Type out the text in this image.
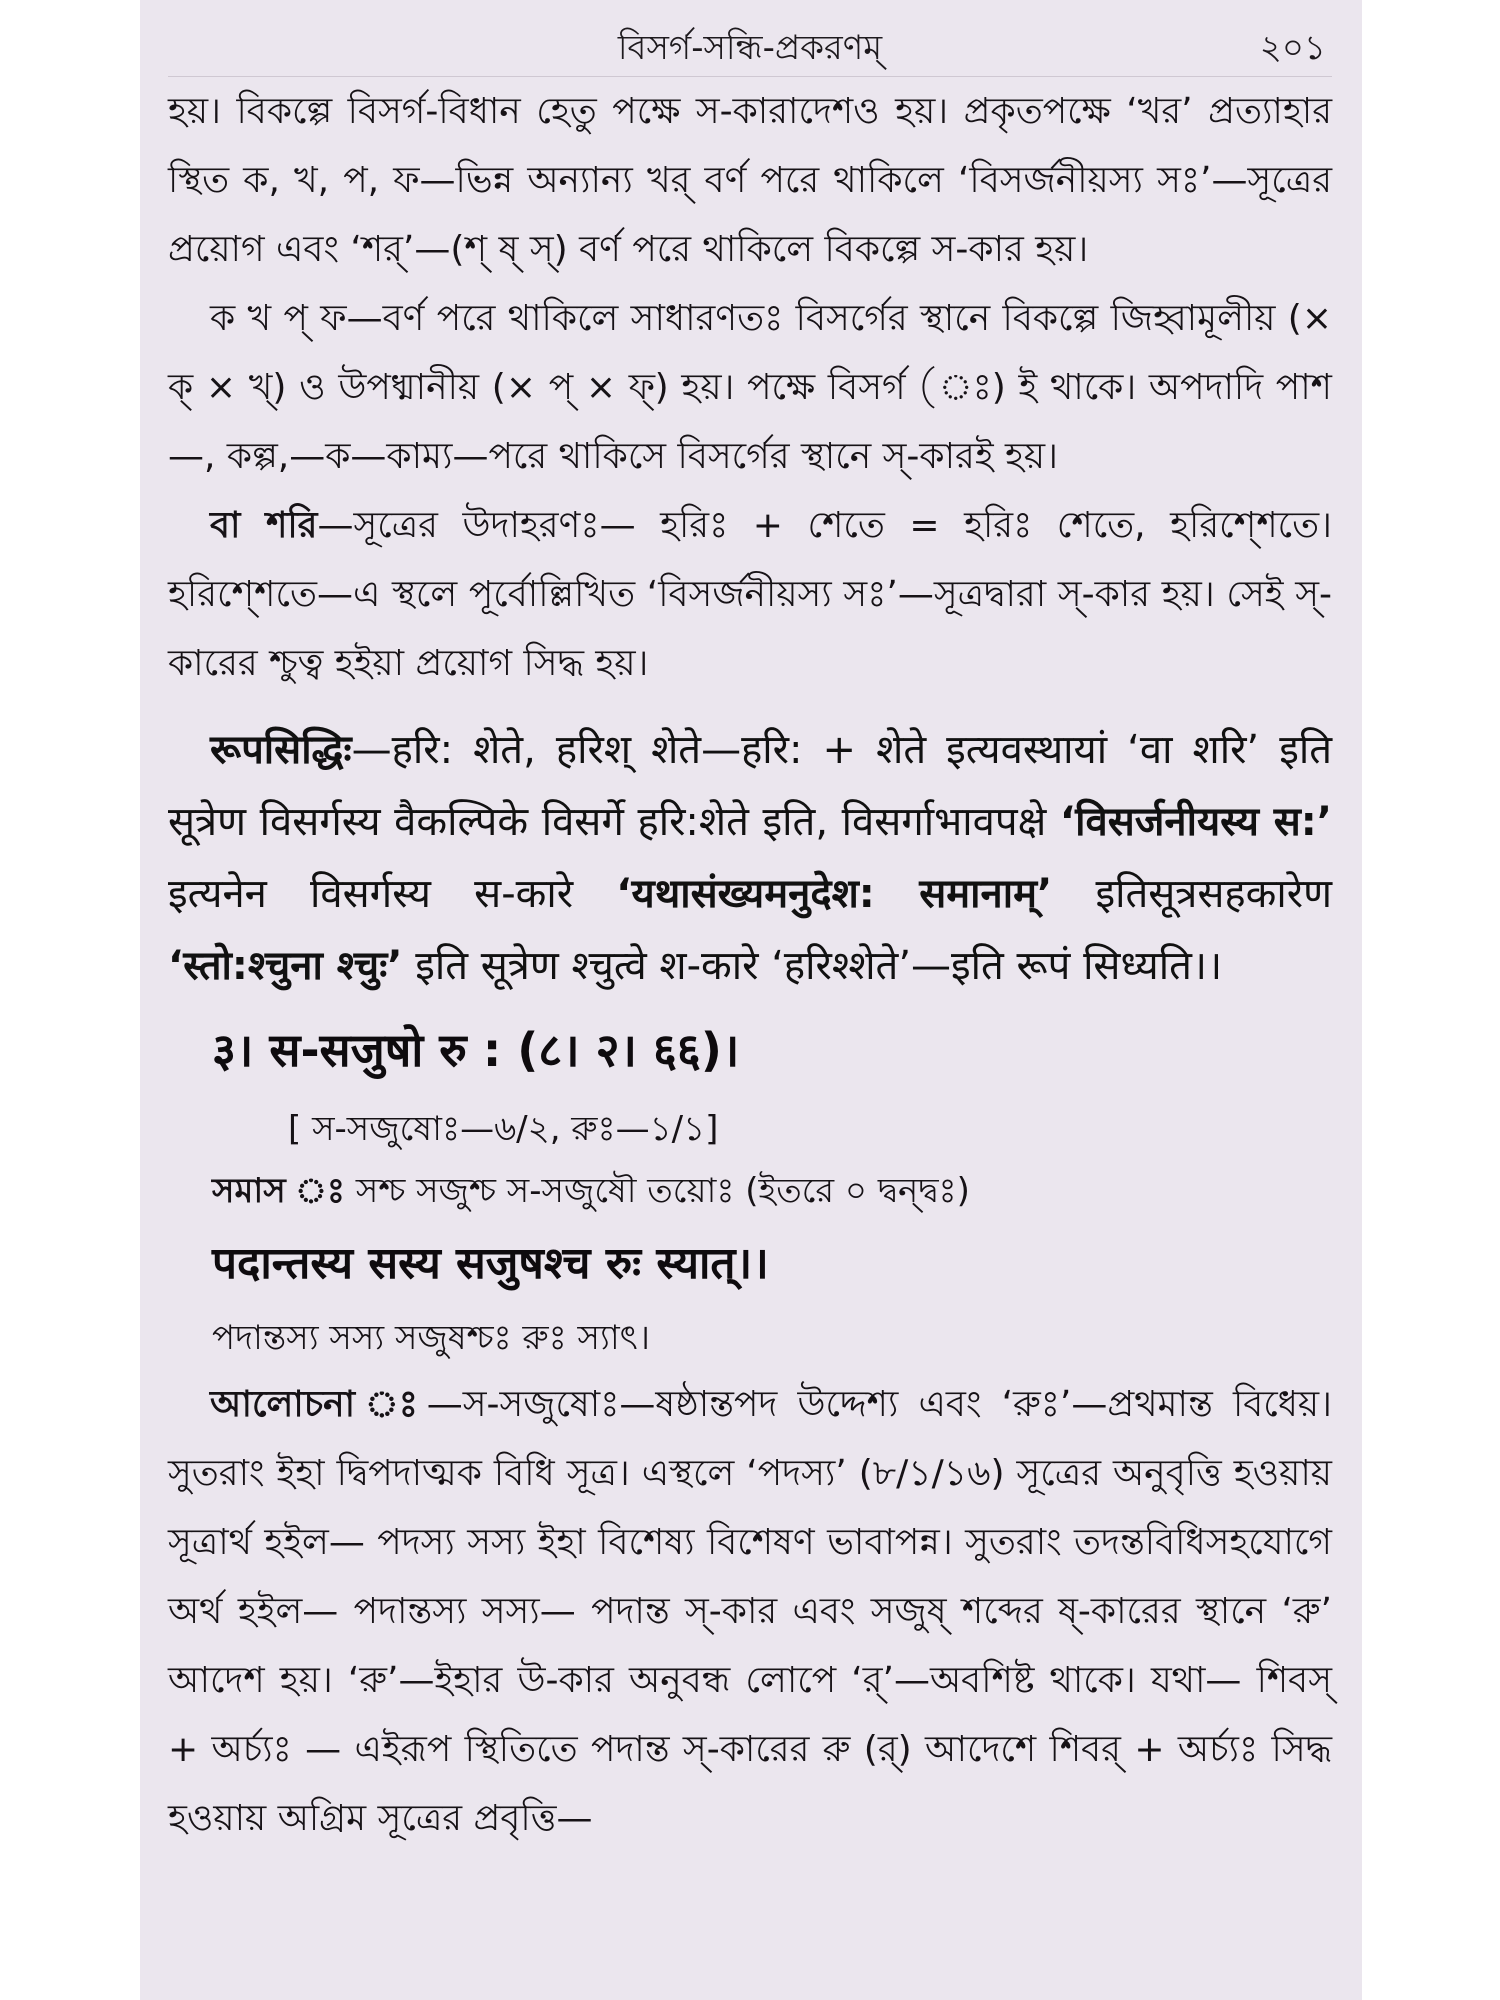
বিসর্গ-সন্ধি-প্রকরণম্	২০১

হয়। বিকল্পে বিসর্গ-বিধান হেতু পক্ষে স-কারাদেশও হয়। প্রকৃতপক্ষে ‘খর’ প্রত্যাহার স্থিত ক, খ, প, ফ—ভিন্ন অন্যান্য খর্ বর্ণ পরে থাকিলে ‘বিসর্জনীয়স্য সঃ’—সূত্রের প্রয়োগ এবং ‘শর্’—(শ্ ষ্ স্) বর্ণ পরে থাকিলে বিকল্পে স-কার হয়।

ক খ প্ ফ—বর্ণ পরে থাকিলে সাধারণতঃ বিসর্গের স্থানে বিকল্পে জিহ্বামূলীয় (⨯ ক্ ⨯ খ্) ও উপধ্মানীয় (⨯ প্ ⨯ ফ্) হয়। পক্ষে বিসর্গ (ঃ) ই থাকে। অপদাদি পাশ—, কল্প,—ক—কাম্য—পরে থাকিসে বিসর্গের স্থানে স্-কারই হয়।

বা শরি—সূত্রের উদাহরণঃ— হরিঃ + শেতে = হরিঃ শেতে, হরিশ্শেতে। হরিশ্শেতে—এ স্থলে পূর্বোল্লিখিত ‘বিসর্জনীয়স্য সঃ’—সূত্রদ্বারা স্-কার হয়। সেই স্-কারের শ্চুত্ব হইয়া প্রয়োগ সিদ্ধ হয়।

रूपसिद्धिः—हरि: शेते, हरिश् शेते—हरि: + शेते इत्यवस्थायां ‘वा शरि’ इति सूत्रेण विसर्गस्य वैकल्पिके विसर्गे हरि:शेते इति, विसर्गाभावपक्षे ‘विसर्जनीयस्य स:’ इत्यनेन विसर्गस्य स-कारे ‘यथासंख्यमनुदेश: समानाम्’ इतिसूत्रसहकारेण ‘स्तो:श्चुना श्चुः’ इति सूत्रेण श्चुत्वे श-कारे ‘हरिश्शेते’—इति रूपं सिध्यति।।

३। स-सजुषो रु : (८। २। ६६)।
[ স-সজুষোঃ—৬/২, রুঃ—১/১]
সমাস ঃ সশ্চ সজুশ্চ স-সজুষৌ তয়োঃ (ইতরে ০ দ্বন্দ্বঃ)
पदान्तस्य सस्य सजुषश्च रुः स्यात्।।
পদান্তস্য সস্য সজুষশ্চঃ রুঃ স্যাৎ।

আলোচনা ঃ—স-সজুষোঃ—ষষ্ঠান্তপদ উদ্দেশ্য এবং ‘রুঃ’—প্রথমান্ত বিধেয়। সুতরাং ইহা দ্বিপদাত্মক বিধি সূত্র। এস্থলে ‘পদস্য’ (৮/১/১৬) সূত্রের অনুবৃত্তি হওয়ায় সূত্রার্থ হইল— পদস্য সস্য ইহা বিশেষ্য বিশেষণ ভাবাপন্ন। সুতরাং তদন্তবিধিসহযোগে অর্থ হইল— পদান্তস্য সস্য— পদান্ত স্-কার এবং সজুষ্ শব্দের ষ্-কারের স্থানে ‘রু’ আদেশ হয়। ‘রু’—ইহার উ-কার অনুবন্ধ লোপে ‘র্’—অবশিষ্ট থাকে। যথা— শিবস্ + অর্চ্যঃ — এইরূপ স্থিতিতে পদান্ত স্-কারের রু (র্) আদেশে শিবর্ + অর্চ্যঃ সিদ্ধ হওয়ায় অগ্রিম সূত্রের প্রবৃত্তি—
